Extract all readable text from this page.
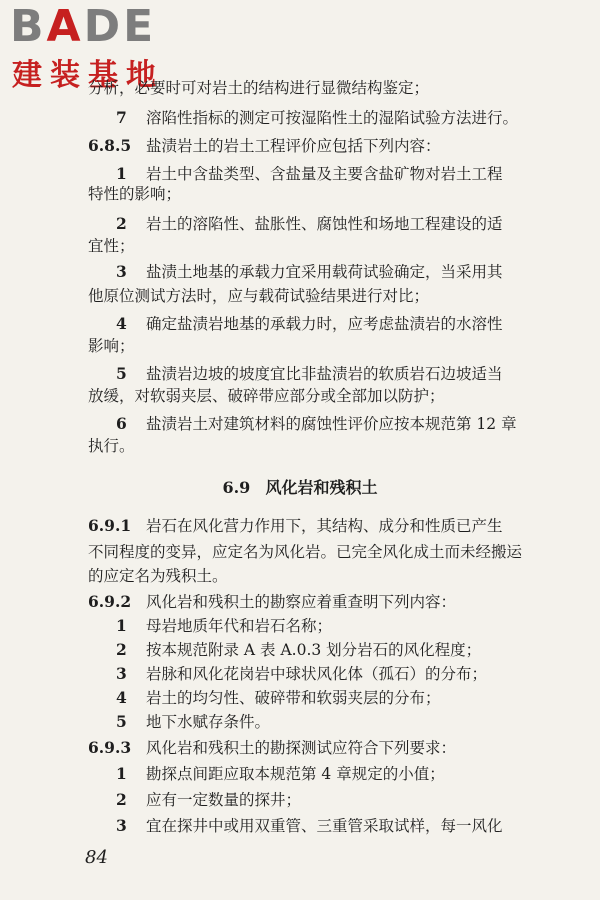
BADE
建装基地
分析，必要时可对岩土的结构进行显微结构鉴定；
7 溶陷性指标的测定可按湿陷性土的湿陷试验方法进行。
6.8.5 盐渍岩土的岩土工程评价应包括下列内容：
1 岩土中含盐类型、含盐量及主要含盐矿物对岩土工程
特性的影响；
2 岩土的溶陷性、盐胀性、腐蚀性和场地工程建设的适
宜性；
3 盐渍土地基的承载力宜采用载荷试验确定，当采用其
他原位测试方法时，应与载荷试验结果进行对比；
4 确定盐渍岩地基的承载力时，应考虑盐渍岩的水溶性
影响；
5 盐渍岩边坡的坡度宜比非盐渍岩的软质岩石边坡适当
放缓，对软弱夹层、破碎带应部分或全部加以防护；
6 盐渍岩土对建筑材料的腐蚀性评价应按本规范第 12 章
执行。
6.9 风化岩和残积土
6.9.1 岩石在风化营力作用下，其结构、成分和性质已产生
不同程度的变异，应定名为风化岩。已完全风化成土而未经搬运
的应定名为残积土。
6.9.2 风化岩和残积土的勘察应着重查明下列内容：
1 母岩地质年代和岩石名称；
2 按本规范附录 A 表 A.0.3 划分岩石的风化程度；
3 岩脉和风化花岗岩中球状风化体（孤石）的分布；
4 岩土的均匀性、破碎带和软弱夹层的分布；
5 地下水赋存条件。
6.9.3 风化岩和残积土的勘探测试应符合下列要求：
1 勘探点间距应取本规范第 4 章规定的小值；
2 应有一定数量的探井；
3 宜在探井中或用双重管、三重管采取试样，每一风化
84
